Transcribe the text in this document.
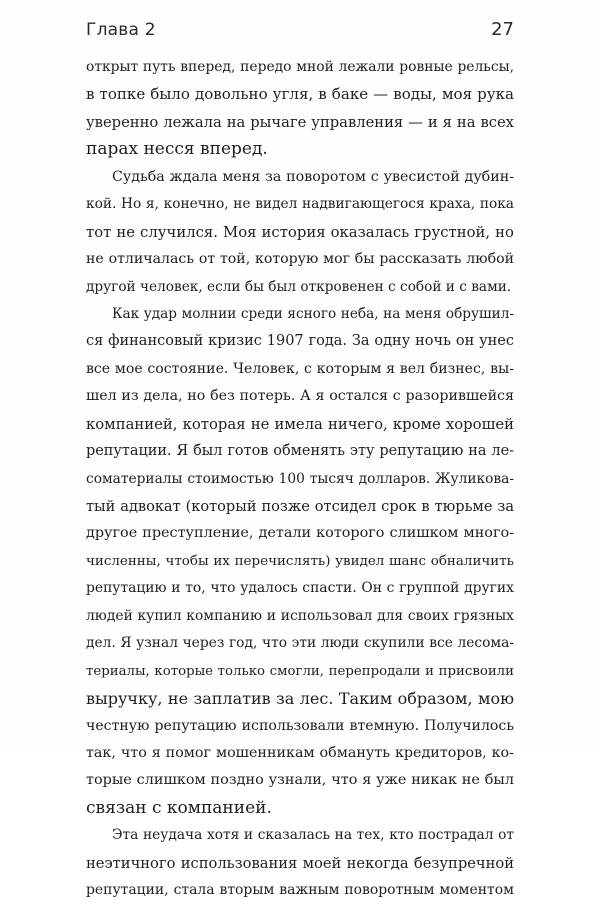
Глава 2	27
открыт путь вперед, передо мной лежали ровные рельсы,
в топке было довольно угля, в баке — воды, моя рука
уверенно лежала на рычаге управления — и я на всех
парах несся вперед.
Судьба ждала меня за поворотом с увесистой дубин-
кой. Но я, конечно, не видел надвигающегося краха, пока
тот не случился. Моя история оказалась грустной, но
не отличалась от той, которую мог бы рассказать любой
другой человек, если бы был откровенен с собой и с вами.
Как удар молнии среди ясного неба, на меня обрушил-
ся финансовый кризис 1907 года. За одну ночь он унес
все мое состояние. Человек, с которым я вел бизнес, вы-
шел из дела, но без потерь. А я остался с разорившейся
компанией, которая не имела ничего, кроме хорошей
репутации. Я был готов обменять эту репутацию на ле-
соматериалы стоимостью 100 тысяч долларов. Жуликова-
тый адвокат (который позже отсидел срок в тюрьме за
другое преступление, детали которого слишком много-
численны, чтобы их перечислять) увидел шанс обналичить
репутацию и то, что удалось спасти. Он с группой других
людей купил компанию и использовал для своих грязных
дел. Я узнал через год, что эти люди скупили все лесома-
териалы, которые только смогли, перепродали и присвоили
выручку, не заплатив за лес. Таким образом, мою
честную репутацию использовали втемную. Получилось
так, что я помог мошенникам обмануть кредиторов, ко-
торые слишком поздно узнали, что я уже никак не был
связан с компанией.
Эта неудача хотя и сказалась на тех, кто пострадал от
неэтичного использования моей некогда безупречной
репутации, стала вторым важным поворотным моментом
